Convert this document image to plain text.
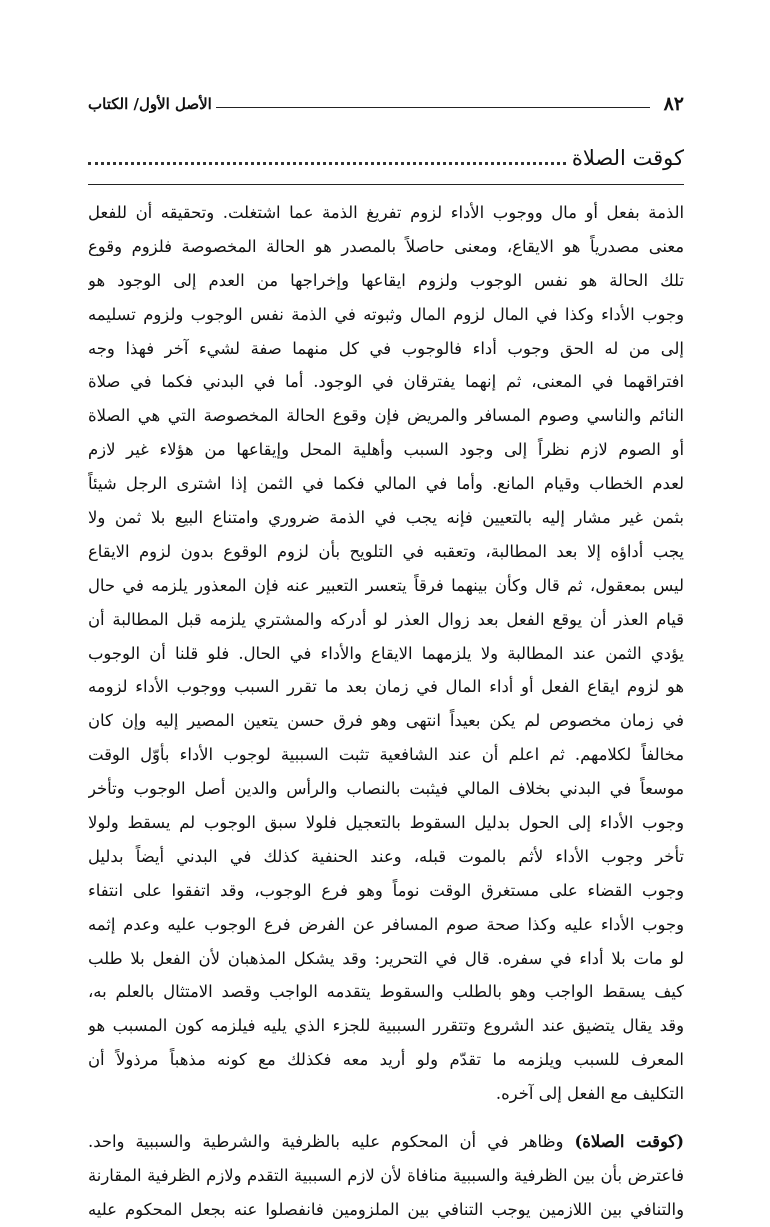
٨٢
الأصل الأول/ الكتاب
كوقت الصلاة
الذمة بفعل أو مال ووجوب الأداء لزوم تفريغ الذمة عما اشتغلت. وتحقيقه أن للفعل
معنى مصدرياً هو الايقاع، ومعنى حاصلاً بالمصدر هو الحالة المخصوصة فلزوم وقوع
تلك الحالة هو نفس الوجوب ولزوم ايقاعها وإخراجها من العدم إلى الوجود هو
وجوب الأداء وكذا في المال لزوم المال وثبوته في الذمة نفس الوجوب ولزوم تسليمه
إلى من له الحق وجوب أداء فالوجوب في كل منهما صفة لشيء آخر فهذا وجه
افتراقهما في المعنى، ثم إنهما يفترقان في الوجود. أما في البدني فكما في صلاة
النائم والناسي وصوم المسافر والمريض فإن وقوع الحالة المخصوصة التي هي الصلاة
أو الصوم لازم نظراً إلى وجود السبب وأهلية المحل وإيقاعها من هؤلاء غير لازم
لعدم الخطاب وقيام المانع. وأما في المالي فكما في الثمن إذا اشترى الرجل شيئاً
بثمن غير مشار إليه بالتعيين فإنه يجب في الذمة ضروري وامتناع البيع بلا ثمن ولا
يجب أداؤه إلا بعد المطالبة، وتعقبه في التلويح بأن لزوم الوقوع بدون لزوم الايقاع
ليس بمعقول، ثم قال وكأن بينهما فرقاً يتعسر التعبير عنه فإن المعذور يلزمه في حال
قيام العذر أن يوقع الفعل بعد زوال العذر لو أدركه والمشتري يلزمه قبل المطالبة أن
يؤدي الثمن عند المطالبة ولا يلزمهما الايقاع والأداء في الحال. فلو قلنا أن الوجوب
هو لزوم ايقاع الفعل أو أداء المال في زمان بعد ما تقرر السبب ووجوب الأداء لزومه
في زمان مخصوص لم يكن بعيداً انتهى وهو فرق حسن يتعين المصير إليه وإن كان
مخالفاً لكلامهم. ثم اعلم أن عند الشافعية تثبت السببية لوجوب الأداء بأوّل الوقت
موسعاً في البدني بخلاف المالي فيثبت بالنصاب والرأس والدين أصل الوجوب وتأخر
وجوب الأداء إلى الحول بدليل السقوط بالتعجيل فلولا سبق الوجوب لم يسقط ولولا
تأخر وجوب الأداء لأثم بالموت قبله، وعند الحنفية كذلك في البدني أيضاً بدليل
وجوب القضاء على مستغرق الوقت نوماً وهو فرع الوجوب، وقد اتفقوا على انتفاء
وجوب الأداء عليه وكذا صحة صوم المسافر عن الفرض فرع الوجوب عليه وعدم إثمه
لو مات بلا أداء في سفره. قال في التحرير: وقد يشكل المذهبان لأن الفعل بلا طلب
كيف يسقط الواجب وهو بالطلب والسقوط يتقدمه الواجب وقصد الامتثال بالعلم به،
وقد يقال يتضيق عند الشروع وتتقرر السببية للجزء الذي يليه فيلزمه كون المسبب هو
المعرف للسبب ويلزمه ما تقدّم ولو أريد معه فكذلك مع كونه مذهباً مرذولاً أن
التكليف مع الفعل إلى آخره.
(كوقت الصلاة) وظاهر في أن المحكوم عليه بالظرفية والشرطية والسببية واحد.
فاعترض بأن بين الظرفية والسببية منافاة لأن لازم السببية التقدم ولازم الظرفية المقارنة
والتنافي بين اللازمين يوجب التنافي بين الملزومين فانفصلوا عنه بجعل المحكوم عليه
